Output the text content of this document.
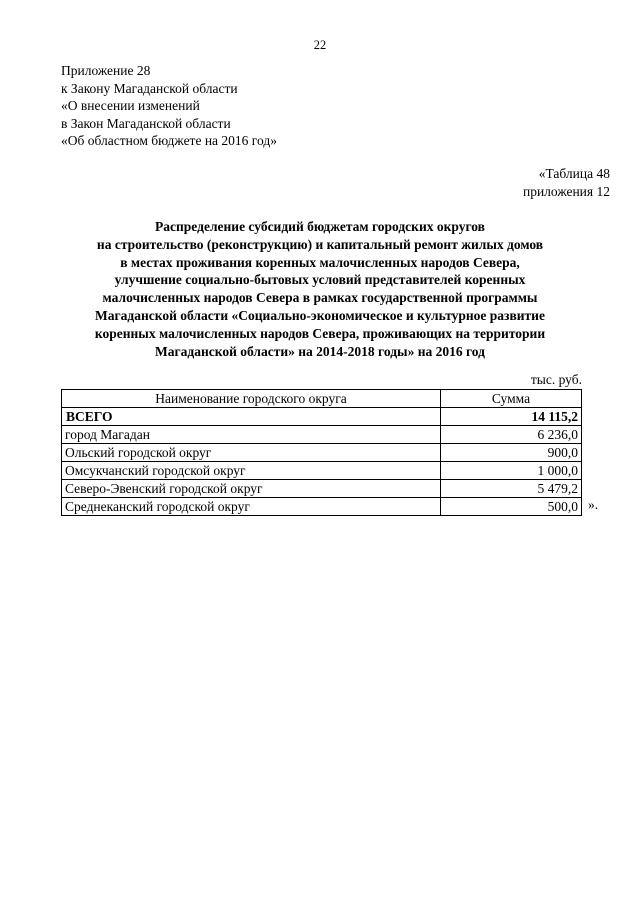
22
Приложение 28
к Закону Магаданской области
«О внесении изменений
в Закон Магаданской области
«Об областном бюджете на 2016 год»
«Таблица 48
приложения 12
Распределение субсидий бюджетам городских округов
на строительство (реконструкцию) и капитальный ремонт жилых домов
в местах проживания коренных малочисленных народов Севера,
улучшение социально-бытовых условий представителей коренных
малочисленных народов Севера в рамках государственной программы
Магаданской области «Социально-экономическое и культурное развитие
коренных малочисленных народов Севера, проживающих на территории
Магаданской области» на 2014-2018 годы» на 2016 год
тыс. руб.
Наименование городского округа	Сумма
ВСЕГО	14 115,2
город Магадан	6 236,0
Ольский городской округ	900,0
Омсукчанский городской округ	1 000,0
Северо-Эвенский городской округ	5 479,2
Среднеканский городской округ	500,0 ».
